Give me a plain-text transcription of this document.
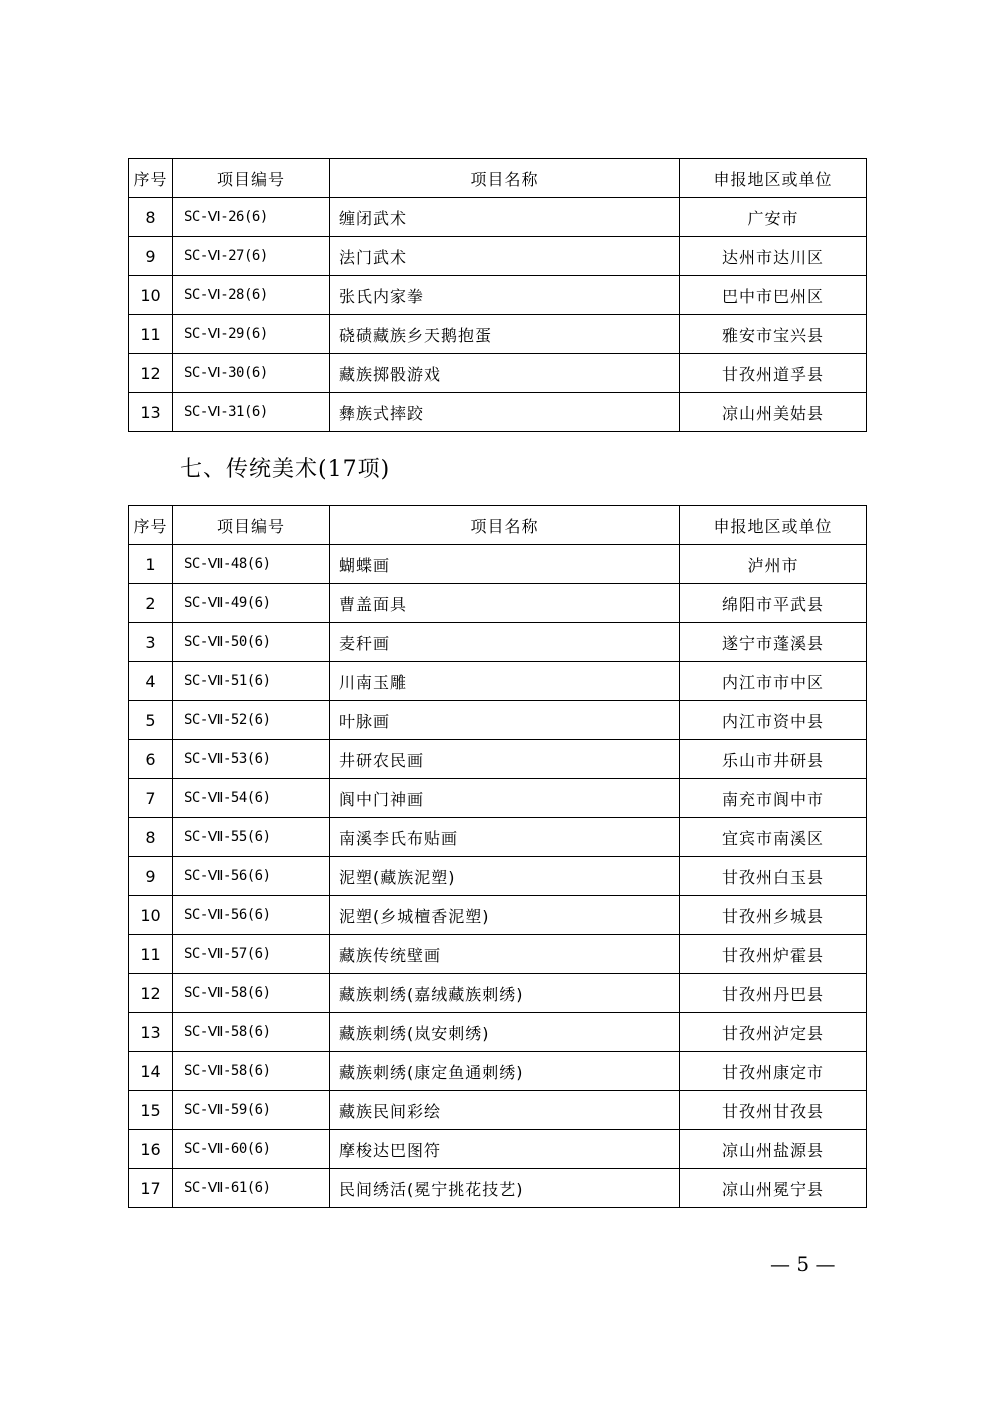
序号	项目编号	项目名称	申报地区或单位
8	SC-Ⅵ-26(6)	缠闭武术	广安市
9	SC-Ⅵ-27(6)	法门武术	达州市达川区
10	SC-Ⅵ-28(6)	张氏内家拳	巴中市巴州区
11	SC-Ⅵ-29(6)	硗碛藏族乡天鹅抱蛋	雅安市宝兴县
12	SC-Ⅵ-30(6)	藏族掷骰游戏	甘孜州道孚县
13	SC-Ⅵ-31(6)	彝族式摔跤	凉山州美姑县
七、传统美术(17项)
序号	项目编号	项目名称	申报地区或单位
1	SC-Ⅶ-48(6)	蝴蝶画	泸州市
2	SC-Ⅶ-49(6)	曹盖面具	绵阳市平武县
3	SC-Ⅶ-50(6)	麦秆画	遂宁市蓬溪县
4	SC-Ⅶ-51(6)	川南玉雕	内江市市中区
5	SC-Ⅶ-52(6)	叶脉画	内江市资中县
6	SC-Ⅶ-53(6)	井研农民画	乐山市井研县
7	SC-Ⅶ-54(6)	阆中门神画	南充市阆中市
8	SC-Ⅶ-55(6)	南溪李氏布贴画	宜宾市南溪区
9	SC-Ⅶ-56(6)	泥塑(藏族泥塑)	甘孜州白玉县
10	SC-Ⅶ-56(6)	泥塑(乡城檀香泥塑)	甘孜州乡城县
11	SC-Ⅶ-57(6)	藏族传统壁画	甘孜州炉霍县
12	SC-Ⅶ-58(6)	藏族刺绣(嘉绒藏族刺绣)	甘孜州丹巴县
13	SC-Ⅶ-58(6)	藏族刺绣(岚安刺绣)	甘孜州泸定县
14	SC-Ⅶ-58(6)	藏族刺绣(康定鱼通刺绣)	甘孜州康定市
15	SC-Ⅶ-59(6)	藏族民间彩绘	甘孜州甘孜县
16	SC-Ⅶ-60(6)	摩梭达巴图符	凉山州盐源县
17	SC-Ⅶ-61(6)	民间绣活(冕宁挑花技艺)	凉山州冕宁县
— 5 —
